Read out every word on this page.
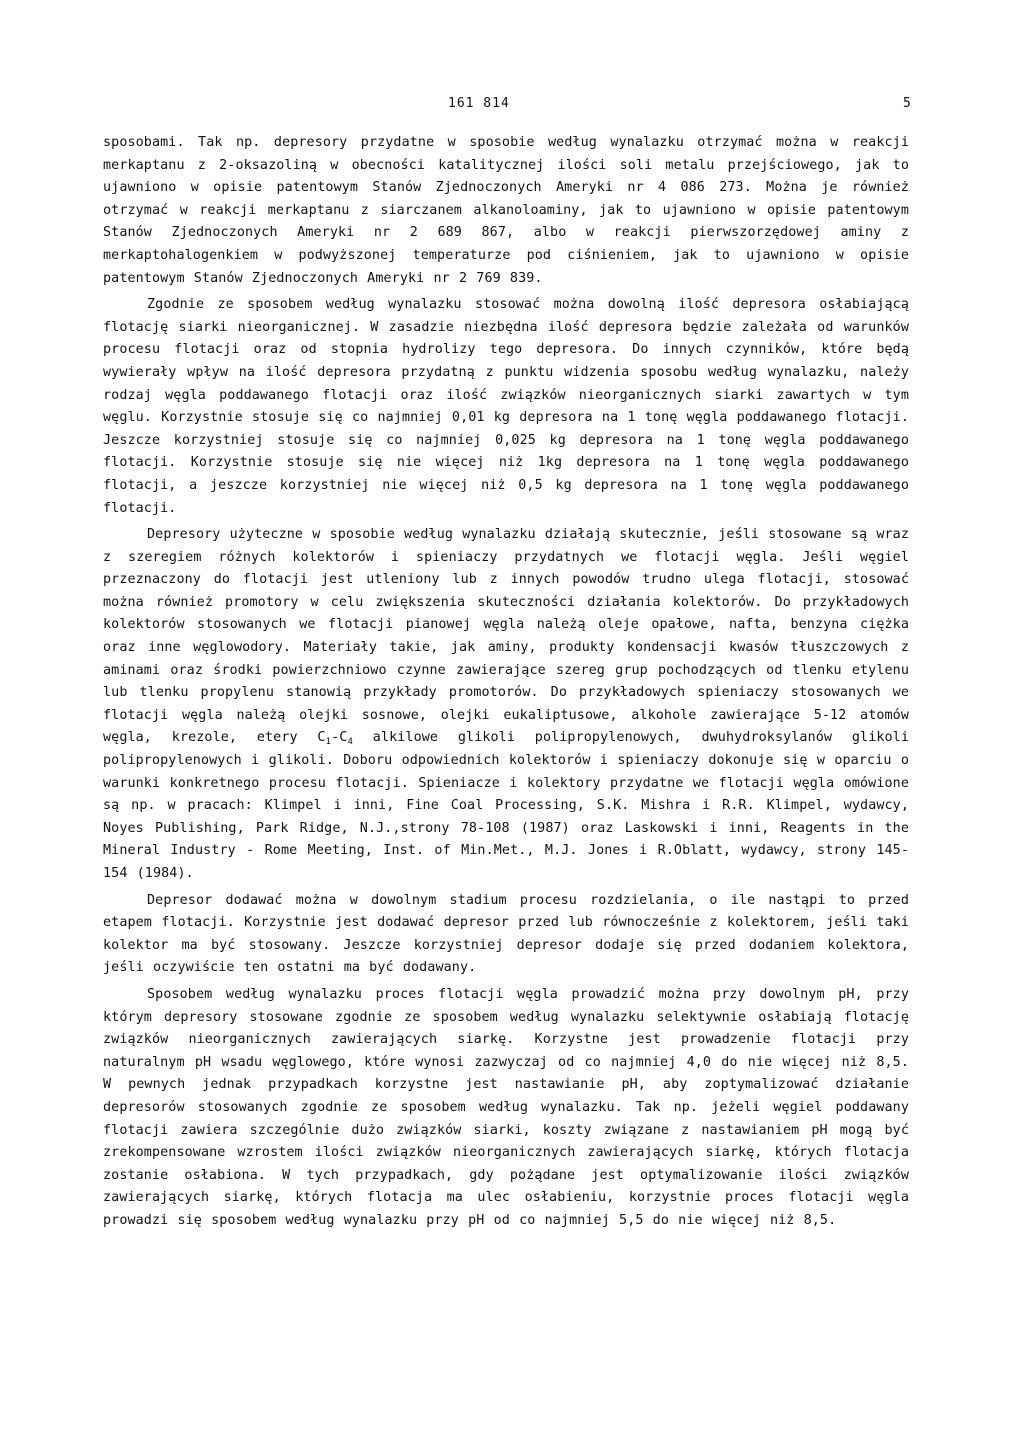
161 814	5

sposobami. Tak np. depresory przydatne w sposobie według wynalazku otrzymać można w reakcji merkaptanu z 2-oksazoliną w obecności katalitycznej ilości soli metalu przejściowego, jak to ujawniono w opisie patentowym Stanów Zjednoczonych Ameryki nr 4 086 273. Można je również otrzymać w reakcji merkaptanu z siarczanem alkanoloaminy, jak to ujawniono w opisie patentowym Stanów Zjednoczonych Ameryki nr 2 689 867, albo w reakcji pierwszorzędowej aminy z merkaptohalogenkiem w podwyższonej temperaturze pod ciśnieniem, jak to ujawniono w opisie patentowym Stanów Zjednoczonych Ameryki nr 2 769 839.

Zgodnie ze sposobem według wynalazku stosować można dowolną ilość depresora osłabiającą flotację siarki nieorganicznej. W zasadzie niezbędna ilość depresora będzie zależała od warunków procesu flotacji oraz od stopnia hydrolizy tego depresora. Do innych czynników, które będą wywierały wpływ na ilość depresora przydatną z punktu widzenia sposobu według wynalazku, należy rodzaj węgla poddawanego flotacji oraz ilość związków nieorganicznych siarki zawartych w tym węglu. Korzystnie stosuje się co najmniej 0,01 kg depresora na 1 tonę węgla poddawanego flotacji. Jeszcze korzystniej stosuje się co najmniej 0,025 kg depresora na 1 tonę węgla poddawanego flotacji. Korzystnie stosuje się nie więcej niż 1kg depresora na 1 tonę węgla poddawanego flotacji, a jeszcze korzystniej nie więcej niż 0,5 kg depresora na 1 tonę węgla poddawanego flotacji.

Depresory użyteczne w sposobie według wynalazku działają skutecznie, jeśli stosowane są wraz z szeregiem różnych kolektorów i spieniaczy przydatnych we flotacji węgla. Jeśli węgiel przeznaczony do flotacji jest utleniony lub z innych powodów trudno ulega flotacji, stosować można również promotory w celu zwiększenia skuteczności działania kolektorów. Do przykładowych kolektorów stosowanych we flotacji pianowej węgla należą oleje opałowe, nafta, benzyna ciężka oraz inne węglowodory. Materiały takie, jak aminy, produkty kondensacji kwasów tłuszczowych z aminami oraz środki powierzchniowo czynne zawierające szereg grup pochodzących od tlenku etylenu lub tlenku propylenu stanowią przykłady promotorów. Do przykładowych spieniaczy stosowanych we flotacji węgla należą olejki sosnowe, olejki eukaliptusowe, alkohole zawierające 5-12 atomów węgla, krezole, etery $C_1-C_4$ alkilowe glikoli polipropylenowych, dwuhydroksylanów glikoli polipropylenowych i glikoli. Doboru odpowiednich kolektorów i spieniaczy dokonuje się w oparciu o warunki konkretnego procesu flotacji. Spieniacze i kolektory przydatne we flotacji węgla omówione są np. w pracach: Klimpel i inni, Fine Coal Processing, S.K. Mishra i R.R. Klimpel, wydawcy, Noyes Publishing, Park Ridge, N.J.,strony 78-108 (1987) oraz Laskowski i inni, Reagents in the Mineral Industry - Rome Meeting, Inst. of Min.Met., M.J. Jones i R.Oblatt, wydawcy, strony 145-154 (1984).

Depresor dodawać można w dowolnym stadium procesu rozdzielania, o ile nastąpi to przed etapem flotacji. Korzystnie jest dodawać depresor przed lub równocześnie z kolektorem, jeśli taki kolektor ma być stosowany. Jeszcze korzystniej depresor dodaje się przed dodaniem kolektora, jeśli oczywiście ten ostatni ma być dodawany.

Sposobem według wynalazku proces flotacji węgla prowadzić można przy dowolnym pH, przy którym depresory stosowane zgodnie ze sposobem według wynalazku selektywnie osłabiają flotację związków nieorganicznych zawierających siarkę. Korzystne jest prowadzenie flotacji przy naturalnym pH wsadu węglowego, które wynosi zazwyczaj od co najmniej 4,0 do nie więcej niż 8,5. W pewnych jednak przypadkach korzystne jest nastawianie pH, aby zoptymalizować działanie depresorów stosowanych zgodnie ze sposobem według wynalazku. Tak np. jeżeli węgiel poddawany flotacji zawiera szczególnie dużo związków siarki, koszty związane z nastawianiem pH mogą być zrekompensowane wzrostem ilości związków nieorganicznych zawierających siarkę, których flotacja zostanie osłabiona. W tych przypadkach, gdy pożądane jest optymalizowanie ilości związków zawierających siarkę, których flotacja ma ulec osłabieniu, korzystnie proces flotacji węgla prowadzi się sposobem według wynalazku przy pH od co najmniej 5,5 do nie więcej niż 8,5.
